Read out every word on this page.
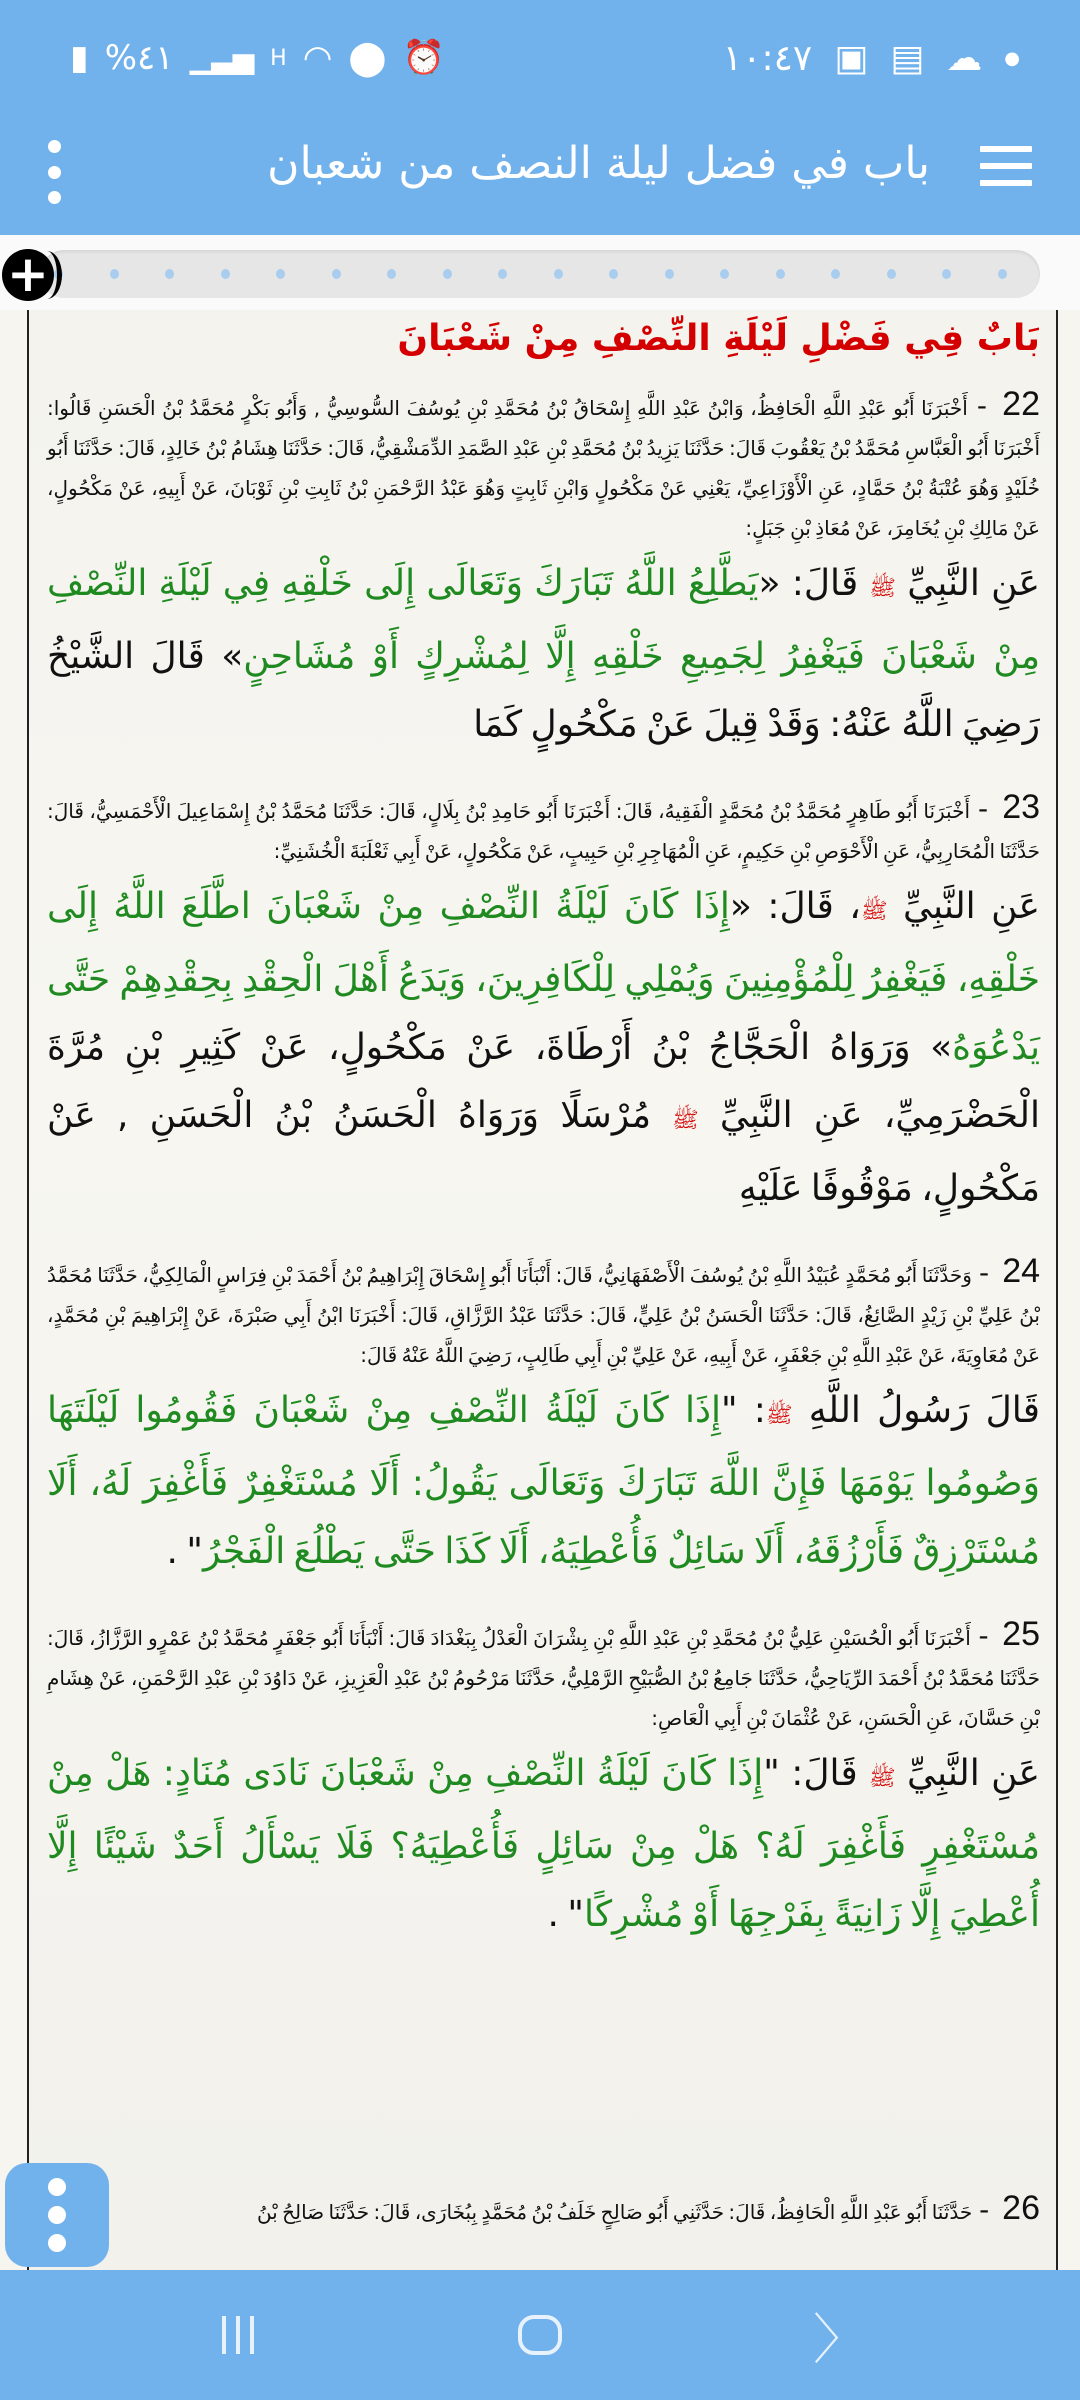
▮ %٤١ ▁▃▅ H ◠ ⬤ ⏰	▣ ▤ ☁ ●
١٠:٤٧
باب في فضل ليلة النصف من شعبان
+
بَابٌ فِي فَضْلِ لَيْلَةِ النِّصْفِ مِنْ شَعْبَانَ
22 - أَخْبَرَنَا أَبُو عَبْدِ اللَّهِ الْحَافِظُ، وَابْنُ عَبْدِ اللَّهِ إِسْحَاقُ بْنُ مُحَمَّدِ بْنِ يُوسُفَ السُّوسِيُّ , وَأَبُو بَكْرٍ مُحَمَّدُ بْنُ الْحَسَنِ قَالُوا: أَخْبَرَنَا أَبُو الْعَبَّاسِ مُحَمَّدُ بْنُ يَعْقُوبَ قَالَ: حَدَّثَنَا يَزِيدُ بْنُ مُحَمَّدِ بْنِ عَبْدِ الصَّمَدِ الدِّمَشْقِيُّ، قَالَ: حَدَّثَنَا هِشَامُ بْنُ خَالِدٍ، قَالَ: حَدَّثَنَا أَبُو خُلَيْدٍ وَهُوَ عُتْبَةُ بْنُ حَمَّادٍ، عَنِ الْأَوْزَاعِيِّ، يَعْنِي عَنْ مَكْحُولٍ وَابْنِ ثَابِتٍ وَهُوَ عَبْدُ الرَّحْمَنِ بْنُ ثَابِتِ بْنِ ثَوْبَانَ، عَنْ أَبِيهِ، عَنْ مَكْحُولٍ، عَنْ مَالِكِ بْنِ يُخَامِرَ، عَنْ مُعَاذِ بْنِ جَبَلٍ:
عَنِ النَّبِيِّ ﷺ قَالَ: «يَطَّلِعُ اللَّهُ تَبَارَكَ وَتَعَالَى إِلَى خَلْقِهِ فِي لَيْلَةِ النِّصْفِ مِنْ شَعْبَانَ فَيَغْفِرُ لِجَمِيعِ خَلْقِهِ إِلَّا لِمُشْرِكٍ أَوْ مُشَاحِنٍ» قَالَ الشَّيْخُ رَضِيَ اللَّهُ عَنْهُ: وَقَدْ قِيلَ عَنْ مَكْحُولٍ كَمَا
23 - أَخْبَرَنَا أَبُو طَاهِرٍ مُحَمَّدُ بْنُ مُحَمَّدٍ الْفَقِيهُ، قَالَ: أَخْبَرَنَا أَبُو حَامِدِ بْنُ بِلَالٍ، قَالَ: حَدَّثَنَا مُحَمَّدُ بْنُ إِسْمَاعِيلَ الْأَحْمَسِيُّ، قَالَ: حَدَّثَنَا الْمُحَارِبِيُّ، عَنِ الْأَحْوَصِ بْنِ حَكِيمٍ، عَنِ الْمُهَاجِرِ بْنِ حَبِيبٍ، عَنْ مَكْحُولٍ، عَنْ أَبِي ثَعْلَبَةَ الْخُشَنِيِّ:
عَنِ النَّبِيِّ ﷺ، قَالَ: «إِذَا كَانَ لَيْلَةُ النِّصْفِ مِنْ شَعْبَانَ اطَّلَعَ اللَّهُ إِلَى خَلْقِهِ، فَيَغْفِرُ لِلْمُؤْمِنِينَ وَيُمْلِي لِلْكَافِرِينَ، وَيَدَعُ أَهْلَ الْحِقْدِ بِحِقْدِهِمْ حَتَّى يَدْعُوَهُ» وَرَوَاهُ الْحَجَّاجُ بْنُ أَرْطَاةَ، عَنْ مَكْحُولٍ، عَنْ كَثِيرِ بْنِ مُرَّةَ الْحَضْرَمِيِّ، عَنِ النَّبِيِّ ﷺ مُرْسَلًا وَرَوَاهُ الْحَسَنُ بْنُ الْحَسَنِ , عَنْ مَكْحُولٍ، مَوْقُوفًا عَلَيْهِ
24 - وَحَدَّثَنَا أَبُو مُحَمَّدٍ عُبَيْدُ اللَّهِ بْنُ يُوسُفَ الْأَصْفَهَانِيُّ، قَالَ: أَنْبَأَنَا أَبُو إِسْحَاقَ إِبْرَاهِيمُ بْنُ أَحْمَدَ بْنِ فِرَاسٍ الْمَالِكِيُّ، حَدَّثَنَا مُحَمَّدُ بْنُ عَلِيِّ بْنِ زَيْدٍ الصَّائِغُ، قَالَ: حَدَّثَنَا الْحَسَنُ بْنُ عَلِيٍّ، قَالَ: حَدَّثَنَا عَبْدُ الرَّزَّاقِ، قَالَ: أَخْبَرَنَا ابْنُ أَبِي صَبْرَةَ، عَنْ إِبْرَاهِيمَ بْنِ مُحَمَّدٍ، عَنْ مُعَاوِيَةَ، عَنْ عَبْدِ اللَّهِ بْنِ جَعْفَرٍ، عَنْ أَبِيهِ، عَنْ عَلِيِّ بْنِ أَبِي طَالِبٍ، رَضِيَ اللَّهُ عَنْهُ قَالَ:
قَالَ رَسُولُ اللَّهِ ﷺ: "إِذَا كَانَ لَيْلَةُ النِّصْفِ مِنْ شَعْبَانَ فَقُومُوا لَيْلَتَهَا وَصُومُوا يَوْمَهَا فَإِنَّ اللَّهَ تَبَارَكَ وَتَعَالَى يَقُولُ: أَلَا مُسْتَغْفِرٌ فَأَغْفِرَ لَهُ، أَلَا مُسْتَرْزِقٌ فَأَرْزُقَهُ، أَلَا سَائِلٌ فَأُعْطِيَهُ، أَلَا كَذَا حَتَّى يَطْلُعَ الْفَجْرُ" .
25 - أَخْبَرَنَا أَبُو الْحُسَيْنِ عَلِيُّ بْنُ مُحَمَّدِ بْنِ عَبْدِ اللَّهِ بْنِ بِشْرَانَ الْعَدْلُ بِبَغْدَادَ قَالَ: أَنْبَأَنَا أَبُو جَعْفَرٍ مُحَمَّدُ بْنُ عَمْرٍو الرَّزَّازُ، قَالَ: حَدَّثَنَا مُحَمَّدُ بْنُ أَحْمَدَ الرِّيَاحِيُّ، حَدَّثَنَا جَامِعُ بْنُ الصُّبَيْحِ الرَّمْلِيُّ، حَدَّثَنَا مَرْحُومُ بْنُ عَبْدِ الْعَزِيزِ، عَنْ دَاوُدَ بْنِ عَبْدِ الرَّحْمَنِ، عَنْ هِشَامِ بْنِ حَسَّانَ، عَنِ الْحَسَنِ، عَنْ عُثْمَانَ بْنِ أَبِي الْعَاصِ:
عَنِ النَّبِيِّ ﷺ قَالَ: "إِذَا كَانَ لَيْلَةُ النِّصْفِ مِنْ شَعْبَانَ نَادَى مُنَادٍ: هَلْ مِنْ مُسْتَغْفِرٍ فَأَغْفِرَ لَهُ؟ هَلْ مِنْ سَائِلٍ فَأُعْطِيَهُ؟ فَلَا يَسْأَلُ أَحَدٌ شَيْئًا إِلَّا أُعْطِيَ إِلَّا زَانِيَةً بِفَرْجِهَا أَوْ مُشْرِكًا" .
26 - حَدَّثَنَا أَبُو عَبْدِ اللَّهِ الْحَافِظُ، قَالَ: حَدَّثَنِي أَبُو صَالِحٍ خَلَفُ بْنُ مُحَمَّدٍ بِبُخَارَى، قَالَ: حَدَّثَنَا صَالِحُ بْنُ
〉
